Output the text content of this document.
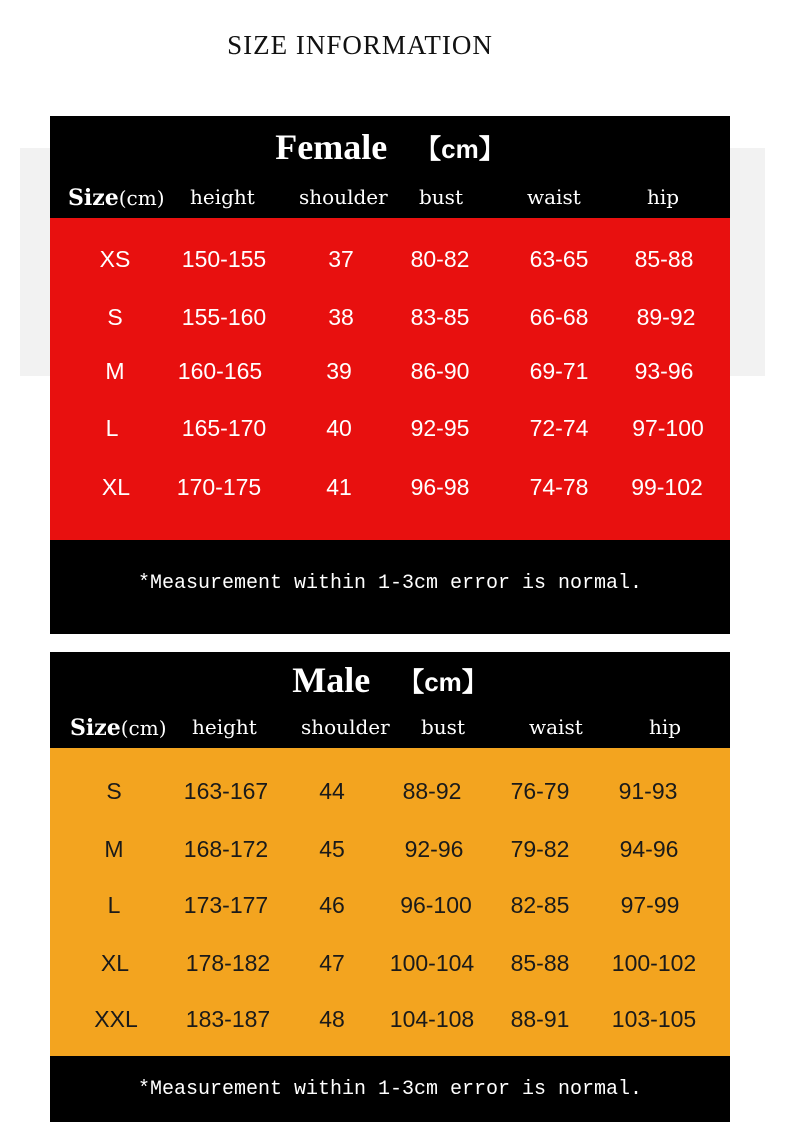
SIZE INFORMATION
Female 【cm】
Size(cm) height shoulder bust	waist	hip
XS 150-155	37 80-82	63-65 85-88
S	155-160	38 83-85	66-68 89-92
M 160-165	39	86-90	69-71 93-96
L	165-170	40	92-95	72-74 97-100
XL 170-175	41	96-98	74-78 99-102
*Measurement within 1-3cm error is normal.
Male 【cm】
Size(cm) height shoulder bust	waist	hip
S	163-167 44	88-92 76-79 91-93
M	168-172 45	92-96 79-82 94-96
L	173-177 46 96-100 82-85 97-99
XL 178-182 47 100-104 85-88 100-102
XXL 183-187 48 104-108 88-91 103-105
*Measurement within 1-3cm error is normal.
